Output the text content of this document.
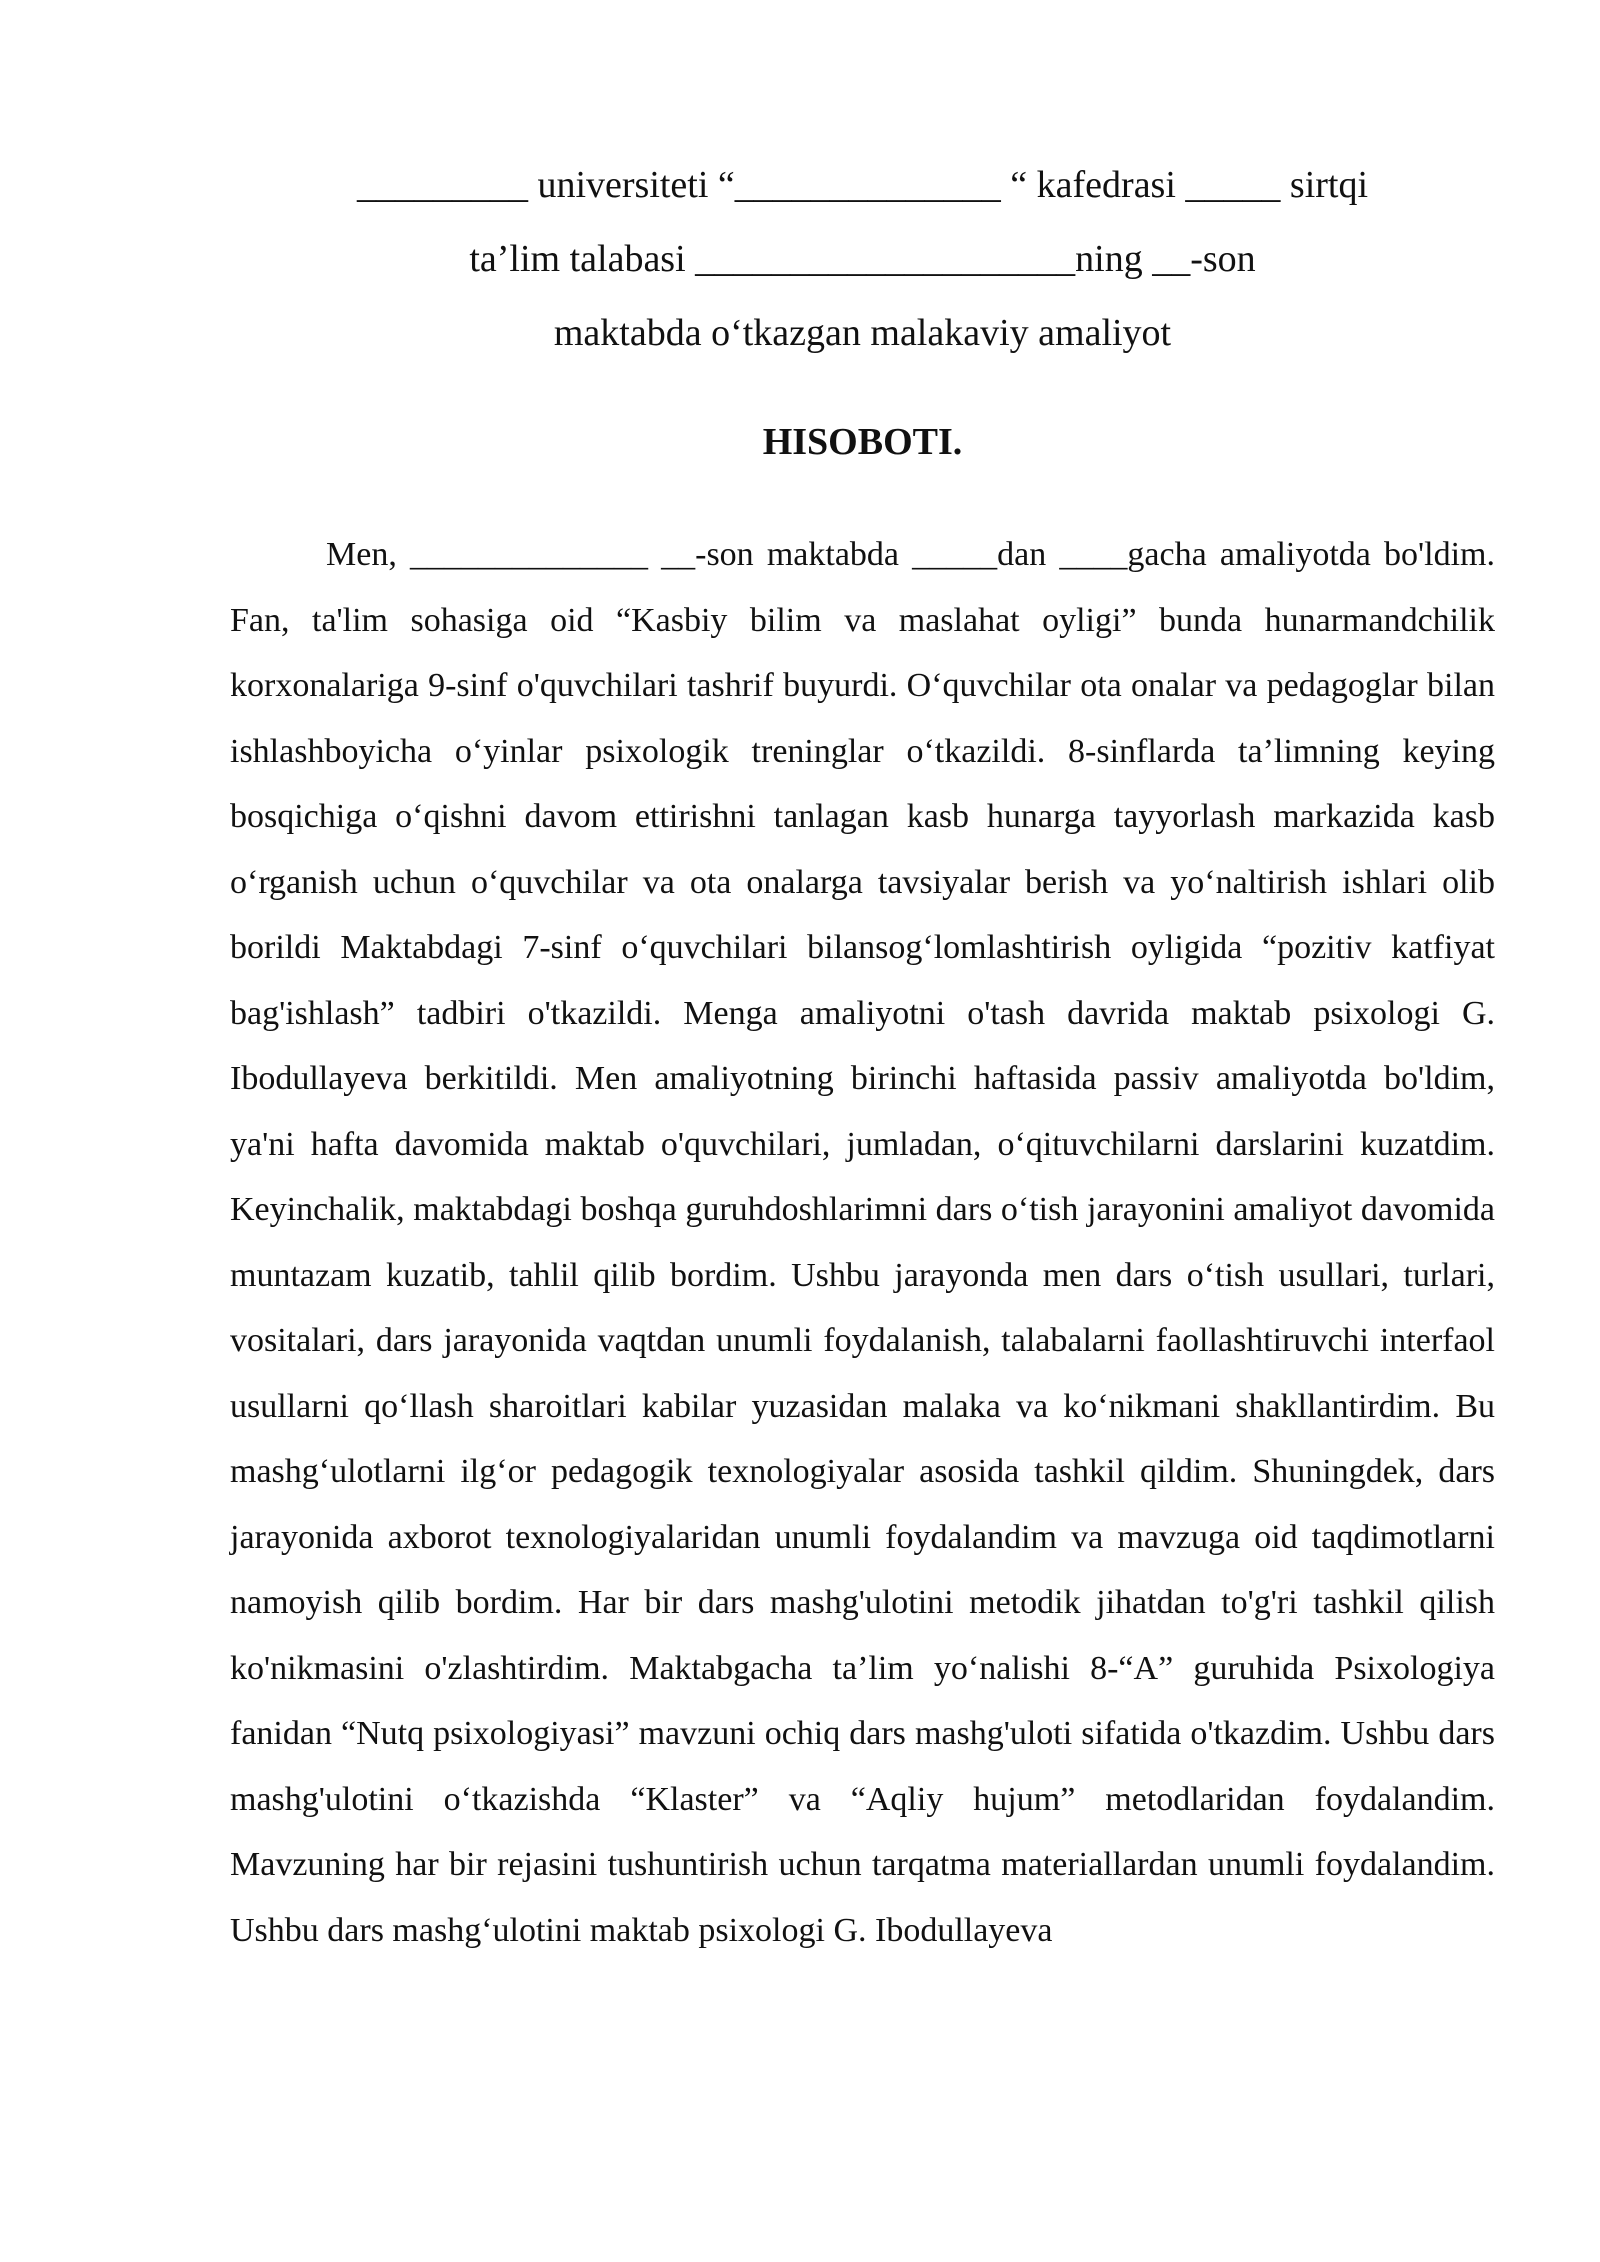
_________ universiteti “______________ “ kafedrasi _____ sirtqi
ta’lim talabasi ____________________ning __-son
maktabda o‘tkazgan malakaviy amaliyot
HISOBOTI.

Men, ______________ __-son maktabda _____dan ____gacha amaliyotda bo'ldim. Fan, ta'lim sohasiga oid “Kasbiy bilim va maslahat oyligi” bunda hunarmandchilik korxonalariga 9-sinf o'quvchilari tashrif buyurdi. O‘quvchilar ota onalar va pedagoglar bilan ishlashboyicha o‘yinlar psixologik treninglar o‘tkazildi. 8-sinflarda ta’limning keying bosqichiga o‘qishni davom ettirishni tanlagan kasb hunarga tayyorlash markazida kasb o‘rganish uchun o‘quvchilar va ota onalarga tavsiyalar berish va yo‘naltirish ishlari olib borildi Maktabdagi 7-sinf o‘quvchilari bilansog‘lomlashtirish oyligida “pozitiv katfiyat bag'ishlash” tadbiri o'tkazildi. Menga amaliyotni o'tash davrida maktab psixologi G. Ibodullayeva berkitildi. Men amaliyotning birinchi haftasida passiv amaliyotda bo'ldim, ya'ni hafta davomida maktab o'quvchilari, jumladan, o‘qituvchilarni darslarini kuzatdim. Keyinchalik, maktabdagi boshqa guruhdoshlarimni dars o‘tish jarayonini amaliyot davomida muntazam kuzatib, tahlil qilib bordim. Ushbu jarayonda men dars o‘tish usullari, turlari, vositalari, dars jarayonida vaqtdan unumli foydalanish, talabalarni faollashtiruvchi interfaol usullarni qo‘llash sharoitlari kabilar yuzasidan malaka va ko‘nikmani shakllantirdim. Bu mashg‘ulotlarni ilg‘or pedagogik texnologiyalar asosida tashkil qildim. Shuningdek, dars jarayonida axborot texnologiyalaridan unumli foydalandim va mavzuga oid taqdimotlarni namoyish qilib bordim. Har bir dars mashg'ulotini metodik jihatdan to'g'ri tashkil qilish ko'nikmasini o'zlashtirdim. Maktabgacha ta’lim yo‘nalishi 8-“A” guruhida Psixologiya fanidan “Nutq psixologiyasi” mavzuni ochiq dars mashg'uloti sifatida o'tkazdim. Ushbu dars mashg'ulotini o‘tkazishda “Klaster” va “Aqliy hujum” metodlaridan foydalandim. Mavzuning har bir rejasini tushuntirish uchun tarqatma materiallardan unumli foydalandim. Ushbu dars mashg‘ulotini maktab psixologi G. Ibodullayeva
